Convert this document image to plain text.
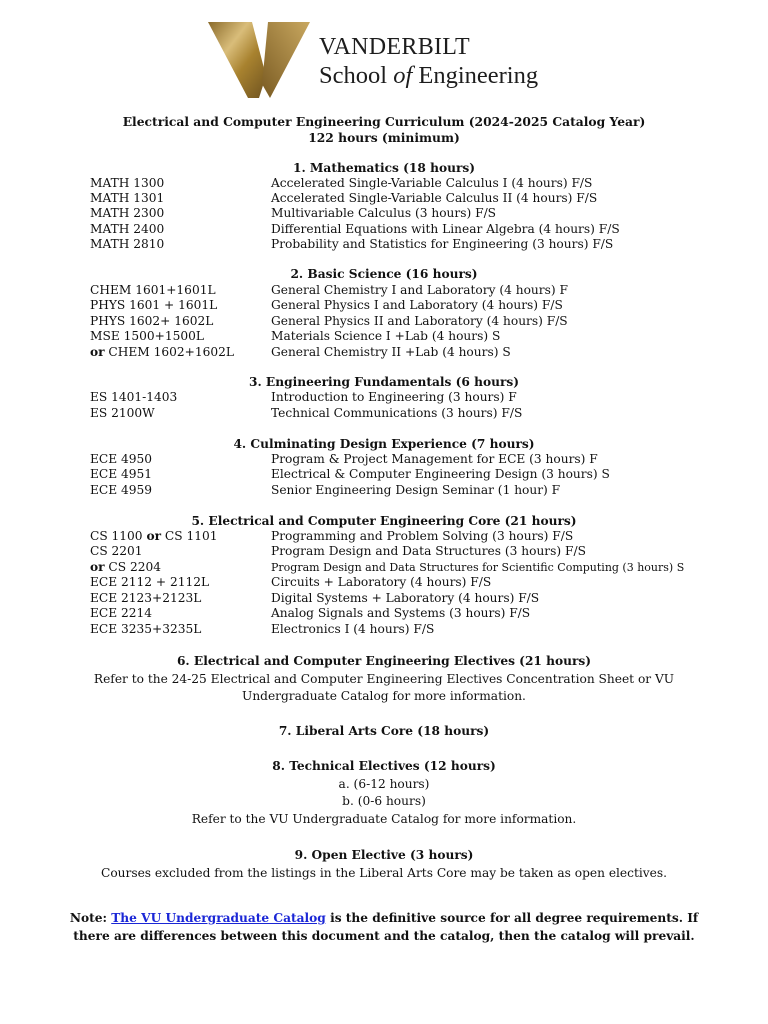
VANDERBILT
School of Engineering
Electrical and Computer Engineering Curriculum (2024-2025 Catalog Year)
122 hours (minimum)
1. Mathematics (18 hours)
MATH 1300	Accelerated Single-Variable Calculus I (4 hours) F/S
MATH 1301	Accelerated Single-Variable Calculus II (4 hours) F/S
MATH 2300	Multivariable Calculus (3 hours) F/S
MATH 2400	Differential Equations with Linear Algebra (4 hours) F/S
MATH 2810	Probability and Statistics for Engineering (3 hours) F/S
2. Basic Science (16 hours)
CHEM 1601+1601L	General Chemistry I and Laboratory (4 hours) F
PHYS 1601 + 1601L	General Physics I and Laboratory (4 hours) F/S
PHYS 1602+ 1602L	General Physics II and Laboratory (4 hours) F/S
MSE 1500+1500L	Materials Science I +Lab (4 hours) S
or CHEM 1602+1602L	General Chemistry II +Lab (4 hours) S
3. Engineering Fundamentals (6 hours)
ES 1401-1403	Introduction to Engineering (3 hours) F
ES 2100W	Technical Communications (3 hours) F/S
4. Culminating Design Experience (7 hours)
ECE 4950	Program & Project Management for ECE (3 hours) F
ECE 4951	Electrical & Computer Engineering Design (3 hours) S
ECE 4959	Senior Engineering Design Seminar (1 hour) F
5. Electrical and Computer Engineering Core (21 hours)
CS 1100 or CS 1101	Programming and Problem Solving (3 hours) F/S
CS 2201	Program Design and Data Structures (3 hours) F/S
or CS 2204	Program Design and Data Structures for Scientific Computing (3 hours) S
ECE 2112 + 2112L	Circuits + Laboratory (4 hours) F/S
ECE 2123+2123L	Digital Systems + Laboratory (4 hours) F/S
ECE 2214	Analog Signals and Systems (3 hours) F/S
ECE 3235+3235L	Electronics I (4 hours) F/S
6. Electrical and Computer Engineering Electives (21 hours)
Refer to the 24-25 Electrical and Computer Engineering Electives Concentration Sheet or VU
Undergraduate Catalog for more information.
7. Liberal Arts Core (18 hours)
8. Technical Electives (12 hours)
a. (6-12 hours)
b. (0-6 hours)
Refer to the VU Undergraduate Catalog for more information.
9. Open Elective (3 hours)
Courses excluded from the listings in the Liberal Arts Core may be taken as open electives.
Note: The VU Undergraduate Catalog is the definitive source for all degree requirements. If
there are differences between this document and the catalog, then the catalog will prevail.
